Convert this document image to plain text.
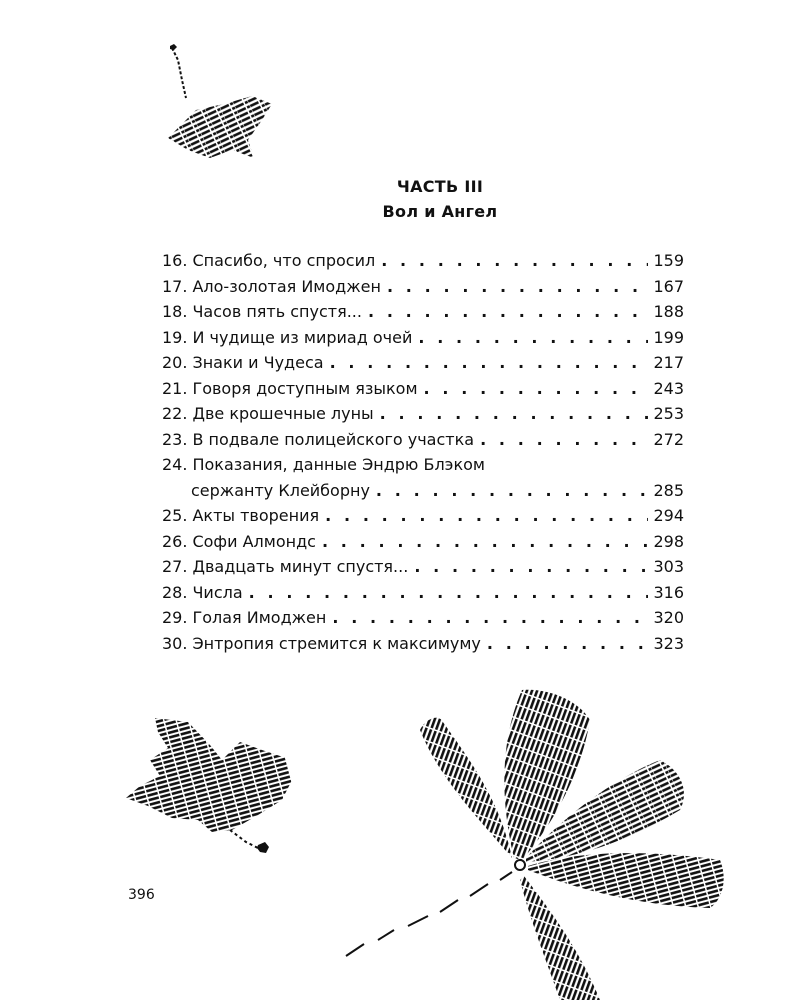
ЧАСТЬ III
Вол и Ангел
16. Спасибо, что спросил . . .	159
17. Ало-золотая Имоджен . . .	167
18. Часов пять спустя... . . .	188
19. И чудище из мириад очей . . .	199
20. Знаки и Чудеса . . .	217
21. Говоря доступным языком . . .	243
22. Две крошечные луны . . .	253
23. В подвале полицейского участка . . .	272
24. Показания, данные Эндрю Блэком
сержанту Клейборну . . .	285
25. Акты творения . . .	294
26. Софи Алмондс . . .	298
27. Двадцать минут спустя... . . .	303
28. Числа . . .	316
29. Голая Имоджен . . .	320
30. Энтропия стремится к максимуму . . .	323
396
